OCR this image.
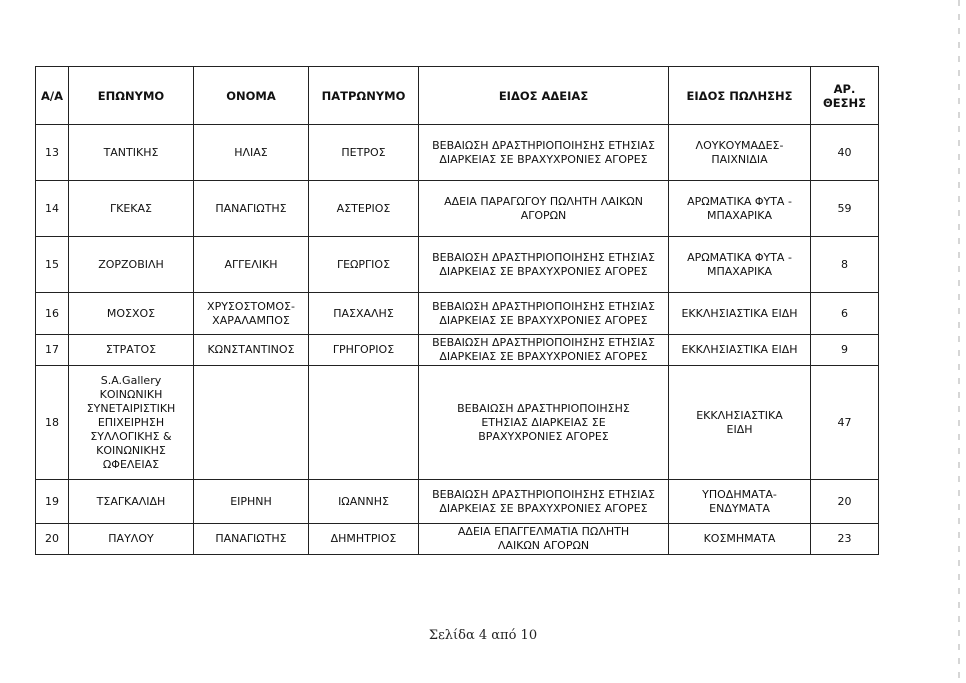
Α/Α	ΕΠΩΝΥΜΟ	ΟΝΟΜΑ	ΠΑΤΡΩΝΥΜΟ	ΕΙΔΟΣ ΑΔΕΙΑΣ	ΕΙΔΟΣ ΠΩΛΗΣΗΣ	ΑΡ. ΘΕΣΗΣ
13	ΤΑΝΤΙΚΗΣ	ΗΛΙΑΣ	ΠΕΤΡΟΣ	ΒΕΒΑΙΩΣΗ ΔΡΑΣΤΗΡΙΟΠΟΙΗΣΗΣ ΕΤΗΣΙΑΣ ΔΙΑΡΚΕΙΑΣ ΣΕ ΒΡΑΧΥΧΡΟΝΙΕΣ ΑΓΟΡΕΣ	ΛΟΥΚΟΥΜΑΔΕΣ-ΠΑΙΧΝΙΔΙΑ	40
14	ΓΚΕΚΑΣ	ΠΑΝΑΓΙΩΤΗΣ	ΑΣΤΕΡΙΟΣ	ΑΔΕΙΑ ΠΑΡΑΓΩΓΟΥ ΠΩΛΗΤΗ ΛΑΙΚΩΝ ΑΓΟΡΩΝ	ΑΡΩΜΑΤΙΚΑ ΦΥΤΑ - ΜΠΑΧΑΡΙΚΑ	59
15	ΖΟΡΖΟΒΙΛΗ	ΑΓΓΕΛΙΚΗ	ΓΕΩΡΓΙΟΣ	ΒΕΒΑΙΩΣΗ ΔΡΑΣΤΗΡΙΟΠΟΙΗΣΗΣ ΕΤΗΣΙΑΣ ΔΙΑΡΚΕΙΑΣ ΣΕ ΒΡΑΧΥΧΡΟΝΙΕΣ ΑΓΟΡΕΣ	ΑΡΩΜΑΤΙΚΑ ΦΥΤΑ - ΜΠΑΧΑΡΙΚΑ	8
16	ΜΟΣΧΟΣ	ΧΡΥΣΟΣΤΟΜΟΣ-ΧΑΡΑΛΑΜΠΟΣ	ΠΑΣΧΑΛΗΣ	ΒΕΒΑΙΩΣΗ ΔΡΑΣΤΗΡΙΟΠΟΙΗΣΗΣ ΕΤΗΣΙΑΣ ΔΙΑΡΚΕΙΑΣ ΣΕ ΒΡΑΧΥΧΡΟΝΙΕΣ ΑΓΟΡΕΣ	ΕΚΚΛΗΣΙΑΣΤΙΚΑ ΕΙΔΗ	6
17	ΣΤΡΑΤΟΣ	ΚΩΝΣΤΑΝΤΙΝΟΣ	ΓΡΗΓΟΡΙΟΣ	ΒΕΒΑΙΩΣΗ ΔΡΑΣΤΗΡΙΟΠΟΙΗΣΗΣ ΕΤΗΣΙΑΣ ΔΙΑΡΚΕΙΑΣ ΣΕ ΒΡΑΧΥΧΡΟΝΙΕΣ ΑΓΟΡΕΣ	ΕΚΚΛΗΣΙΑΣΤΙΚΑ ΕΙΔΗ	9
18	S.A.Gallery ΚΟΙΝΩΝΙΚΗ ΣΥΝΕΤΑΙΡΙΣΤΙΚΗ ΕΠΙΧΕΙΡΗΣΗ ΣΥΛΛΟΓΙΚΗΣ & ΚΟΙΝΩΝΙΚΗΣ ΩΦΕΛΕΙΑΣ			ΒΕΒΑΙΩΣΗ ΔΡΑΣΤΗΡΙΟΠΟΙΗΣΗΣ ΕΤΗΣΙΑΣ ΔΙΑΡΚΕΙΑΣ ΣΕ ΒΡΑΧΥΧΡΟΝΙΕΣ ΑΓΟΡΕΣ	ΕΚΚΛΗΣΙΑΣΤΙΚΑ ΕΙΔΗ	47
19	ΤΣΑΓΚΑΛΙΔΗ	ΕΙΡΗΝΗ	ΙΩΑΝΝΗΣ	ΒΕΒΑΙΩΣΗ ΔΡΑΣΤΗΡΙΟΠΟΙΗΣΗΣ ΕΤΗΣΙΑΣ ΔΙΑΡΚΕΙΑΣ ΣΕ ΒΡΑΧΥΧΡΟΝΙΕΣ ΑΓΟΡΕΣ	ΥΠΟΔΗΜΑΤΑ-ΕΝΔΥΜΑΤΑ	20
20	ΠΑΥΛΟΥ	ΠΑΝΑΓΙΩΤΗΣ	ΔΗΜΗΤΡΙΟΣ	ΑΔΕΙΑ ΕΠΑΓΓΕΛΜΑΤΙΑ ΠΩΛΗΤΗ ΛΑΙΚΩΝ ΑΓΟΡΩΝ	ΚΟΣΜΗΜΑΤΑ	23
Σελίδα 4 από 10
